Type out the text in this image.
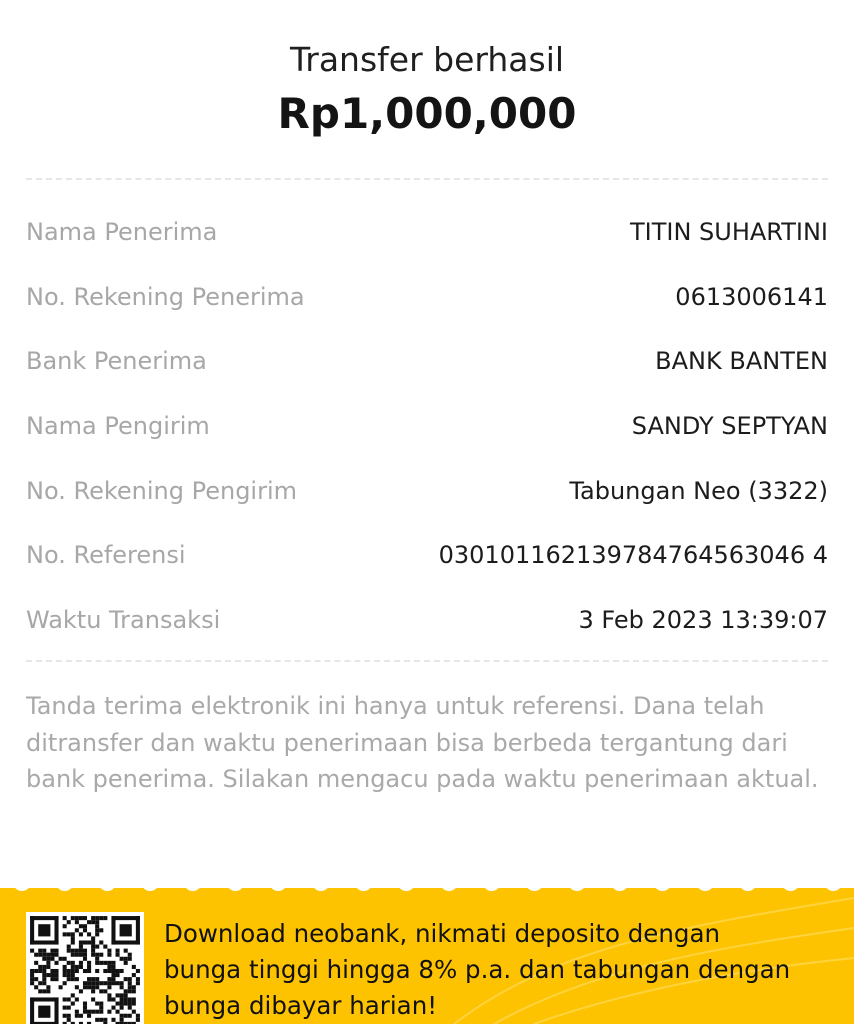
Transfer berhasil
Rp1,000,000
Nama Penerima	TITIN SUHARTINI
No. Rekening Penerima	0613006141
Bank Penerima	BANK BANTEN
Nama Pengirim	SANDY SEPTYAN
No. Rekening Pengirim	Tabungan Neo (3322)
No. Referensi	030101162139784764563046 4
Waktu Transaksi	3 Feb 2023 13:39:07
Tanda terima elektronik ini hanya untuk referensi. Dana telah ditransfer dan waktu penerimaan bisa berbeda tergantung dari bank penerima. Silakan mengacu pada waktu penerimaan aktual.
Download neobank, nikmati deposito dengan bunga tinggi hingga 8% p.a. dan tabungan dengan bunga dibayar harian!
